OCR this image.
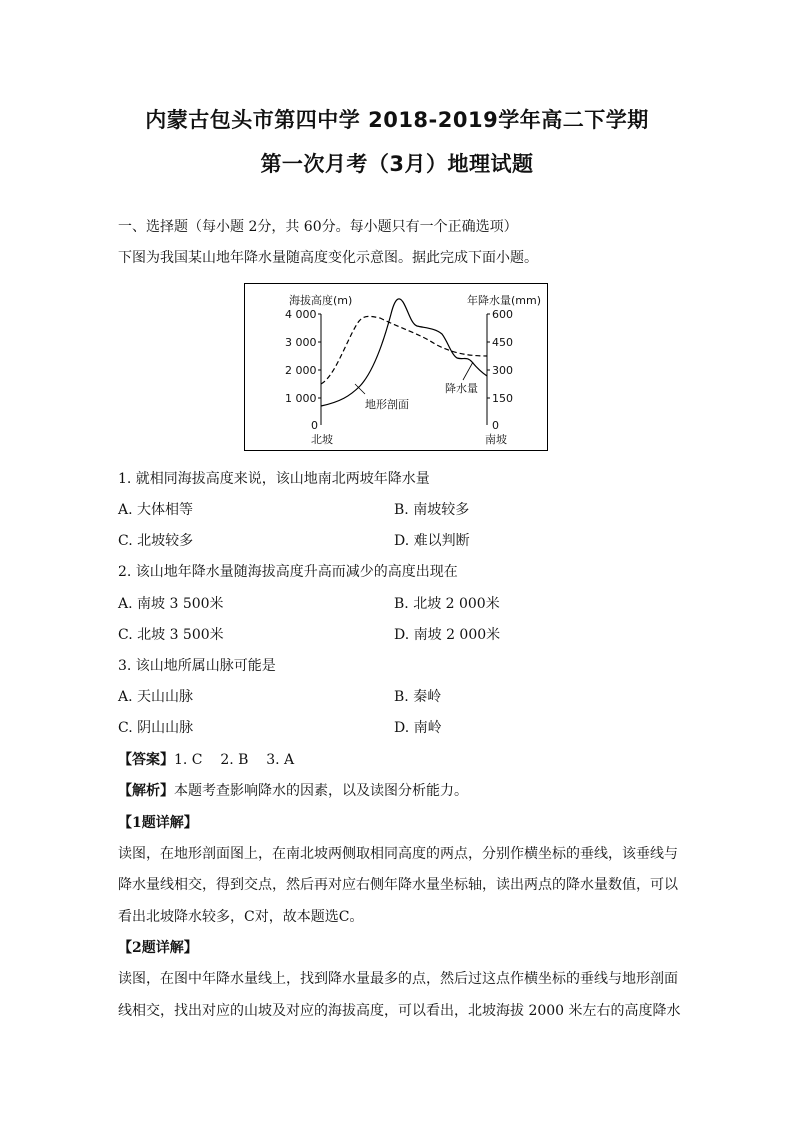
内蒙古包头市第四中学 2018-2019学年高二下学期
第一次月考（3月）地理试题
一、选择题（每小题 2分，共 60分。每小题只有一个正确选项）
下图为我国某山地年降水量随高度变化示意图。据此完成下面小题。
海拔高度(m)	年降水量(mm)
4 000
3 000
2 000
1 000
0
600
450
300
150
0
降水量
地形剖面
北坡	南坡
1. 就相同海拔高度来说，该山地南北两坡年降水量
A. 大体相等	B. 南坡较多
C. 北坡较多	D. 难以判断
2. 该山地年降水量随海拔高度升高而减少的高度出现在
A. 南坡 3 500米	B. 北坡 2 000米
C. 北坡 3 500米	D. 南坡 2 000米
3. 该山地所属山脉可能是
A. 天山山脉	B. 秦岭
C. 阴山山脉	D. 南岭
【答案】1. C    2. B    3. A
【解析】本题考查影响降水的因素，以及读图分析能力。
【1题详解】
读图，在地形剖面图上，在南北坡两侧取相同高度的两点，分别作横坐标的垂线，该垂线与
降水量线相交，得到交点，然后再对应右侧年降水量坐标轴，读出两点的降水量数值，可以
看出北坡降水较多，C对，故本题选C。
【2题详解】
读图，在图中年降水量线上，找到降水量最多的点，然后过这点作横坐标的垂线与地形剖面
线相交，找出对应的山坡及对应的海拔高度，可以看出，北坡海拔 2000 米左右的高度降水
